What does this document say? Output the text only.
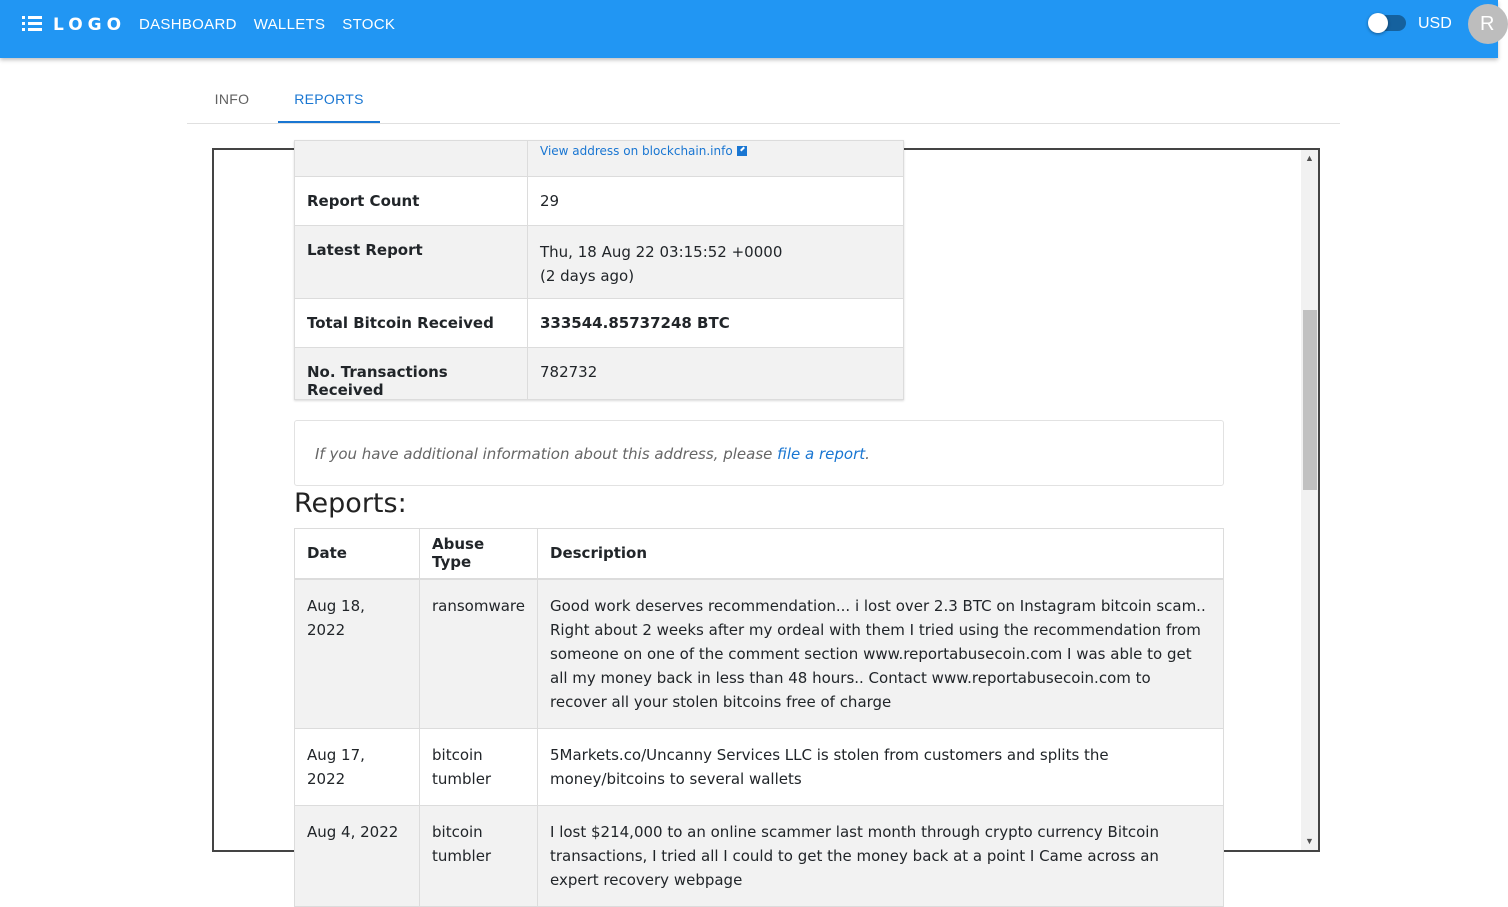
LOGO DASHBOARD WALLETS STOCK	USD	R
INFO	REPORTS
	View address on blockchain.info
Report Count	29
Latest Report	Thu, 18 Aug 22 03:15:52 +0000
(2 days ago)

Total Bitcoin Received	333544.85737248 BTC
No. Transactions Received	782732
If you have additional information about this address, please file a report.
Reports:
Date	Abuse Type	Description
Aug 18, 2022	ransomware	Good work deserves recommendation... i lost over 2.3 BTC on Instagram bitcoin scam.. Right about 2 weeks after my ordeal with them I tried using the recommendation from someone on one of the comment section www.reportabusecoin.com I was able to get all my money back in less than 48 hours.. Contact www.reportabusecoin.com to recover all your stolen bitcoins free of charge
Aug 17, 2022	bitcoin tumbler	5Markets.co/Uncanny Services LLC is stolen from customers and splits the money/bitcoins to several wallets
Aug 4, 2022	bitcoin tumbler	I lost $214,000 to an online scammer last month through crypto currency Bitcoin transactions, I tried all I could to get the money back at a point I Came across an expert recovery webpage
▲
▼
